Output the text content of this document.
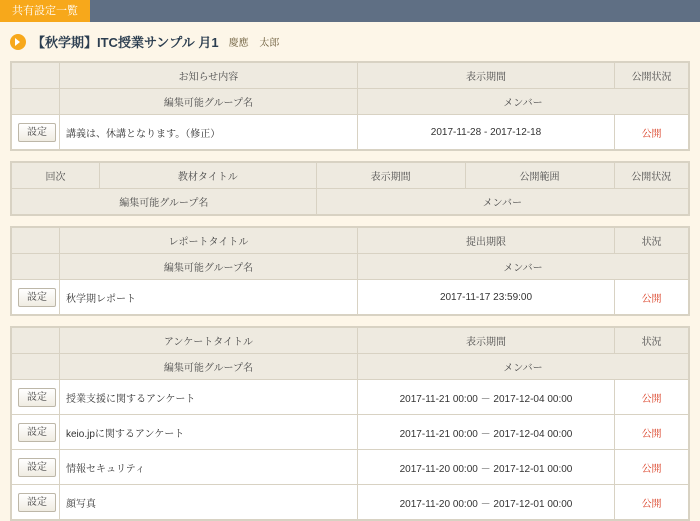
共有設定一覧
【秋学期】ITC授業サンプル 月1 慶應 太郎
	お知らせ内容	表示期間	公開状況
	編集可能グループ名	メンバー	
設定	講義は、休講となります。（修正）	2017-11-28 - 2017-12-18	公開
回次	教材タイトル	表示期間	公開範囲	公開状況
編集可能グループ名		メンバー		
	レポートタイトル	提出期限	状況
	編集可能グループ名	メンバー	
設定	秋学期レポート	2017-11-17 23:59:00	公開
	アンケートタイトル	表示期間	状況
	編集可能グループ名	メンバー	
設定	授業支援に関するアンケート	2017-11-21 00:00 － 2017-12-04 00:00	公開
設定	keio.jpに関するアンケート	2017-11-21 00:00 － 2017-12-04 00:00	公開
設定	情報セキュリティ	2017-11-20 00:00 － 2017-12-01 00:00	公開
設定	顔写真	2017-11-20 00:00 － 2017-12-01 00:00	公開
